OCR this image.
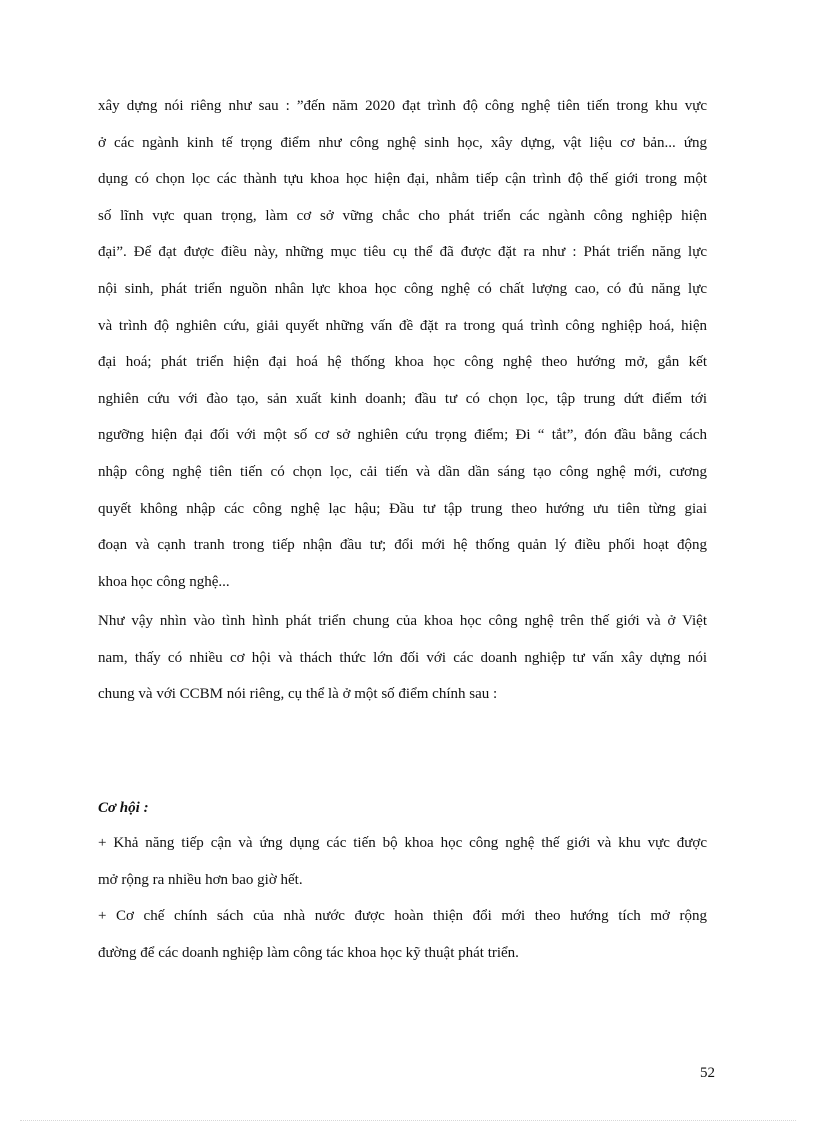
xây dựng nói riêng như sau : ”đến năm 2020 đạt trình độ công nghệ tiên tiến trong khu vực
ở các ngành kinh tế trọng điểm như công nghệ sinh học, xây dựng, vật liệu cơ bản... ứng
dụng có chọn lọc các thành tựu khoa học hiện đại, nhằm tiếp cận trình độ thế giới trong một
số lĩnh vực quan trọng, làm cơ sở vững chắc cho phát triển các ngành công nghiệp hiện
đại”. Để đạt được điều này, những mục tiêu cụ thể đã được đặt ra như : Phát triển năng lực
nội sinh, phát triển nguồn nhân lực khoa học công nghệ có chất lượng cao, có đủ năng lực
và trình độ nghiên cứu, giải quyết những vấn đề đặt ra trong quá trình công nghiệp hoá, hiện
đại hoá; phát triển hiện đại hoá hệ thống khoa học công nghệ theo hướng mở, gắn kết
nghiên cứu với đào tạo, sản xuất kinh doanh; đầu tư có chọn lọc, tập trung dứt điểm tới
ngưỡng hiện đại đối với một số cơ sở nghiên cứu trọng điểm; Đi “ tắt”, đón đầu bằng cách
nhập công nghệ tiên tiến có chọn lọc, cải tiến và dần dần sáng tạo công nghệ mới, cương
quyết không nhập các công nghệ lạc hậu; Đầu tư tập trung theo hướng ưu tiên từng giai
đoạn và cạnh tranh trong tiếp nhận đầu tư; đổi mới hệ thống quản lý điều phối hoạt động
khoa học công nghệ...
Như vậy nhìn vào tình hình phát triển chung của khoa học công nghệ trên thế giới và ở Việt
nam, thấy có nhiều cơ hội và thách thức lớn đối với các doanh nghiệp tư vấn xây dựng nói
chung và với CCBM nói riêng, cụ thể là ở một số điểm chính sau :
Cơ hội :
+ Khả năng tiếp cận và ứng dụng các tiến bộ khoa học công nghệ thế giới và khu vực được
mở rộng ra nhiều hơn bao giờ hết.
+ Cơ chế chính sách của nhà nước được hoàn thiện đổi mới theo hướng tích mở rộng
đường để các doanh nghiệp làm công tác khoa học kỹ thuật phát triển.
52
